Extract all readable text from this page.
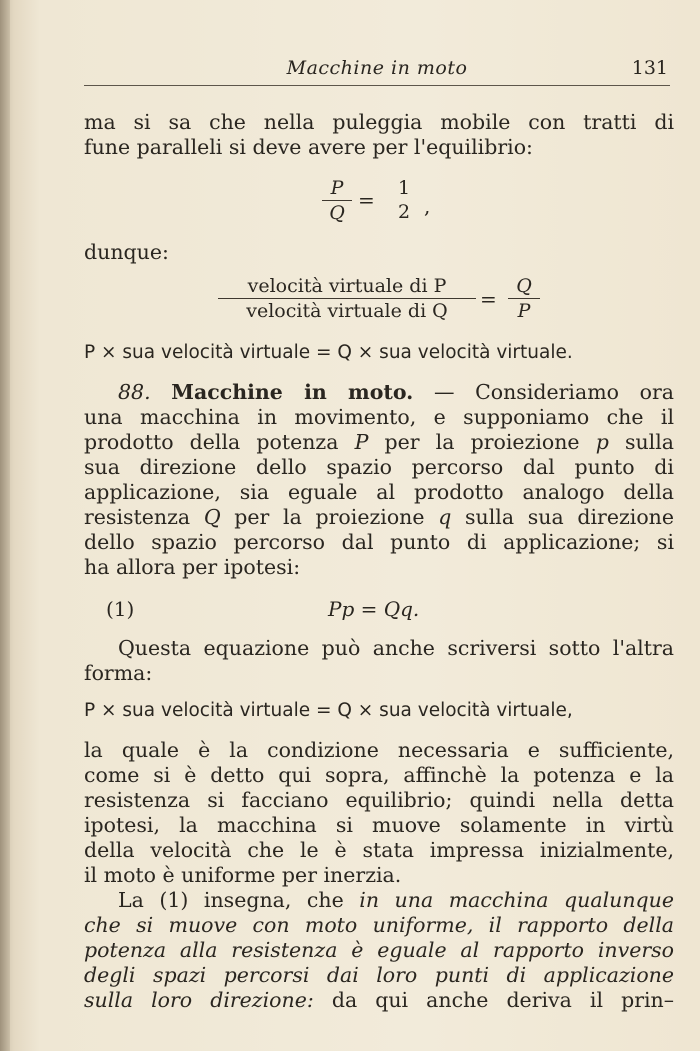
Macchine in moto	131

ma si sa che nella puleggia mobile con tratti di

fune paralleli si deve avere per l'equilibrio:

$\frac{P}{Q}$ =	1
2 ,

dunque:

velocità virtuale di P
velocità virtuale di Q	= $\frac{Q}{P}$
P × sua velocità virtuale = Q × sua velocità virtuale.

88. Macchine in moto. — Consideriamo ora

una macchina in movimento, e supponiamo che il

prodotto della potenza P per la proiezione p sulla

sua direzione dello spazio percorso dal punto di

applicazione, sia eguale al prodotto analogo della

resistenza Q per la proiezione q sulla sua direzione

dello spazio percorso dal punto di applicazione; si

ha allora per ipotesi:

(1)	Pp = Qq.

Questa equazione può anche scriversi sotto l'altra

forma:

P × sua velocità virtuale = Q × sua velocità virtuale,

la quale è la condizione necessaria e sufficiente,

come si è detto qui sopra, affinchè la potenza e la

resistenza si facciano equilibrio; quindi nella detta

ipotesi, la macchina si muove solamente in virtù

della velocità che le è stata impressa inizialmente,

il moto è uniforme per inerzia.

La (1) insegna, che in una macchina qualunque

che si muove con moto uniforme, il rapporto della

potenza alla resistenza è eguale al rapporto inverso

degli spazi percorsi dai loro punti di applicazione

sulla loro direzione: da qui anche deriva il prin–
